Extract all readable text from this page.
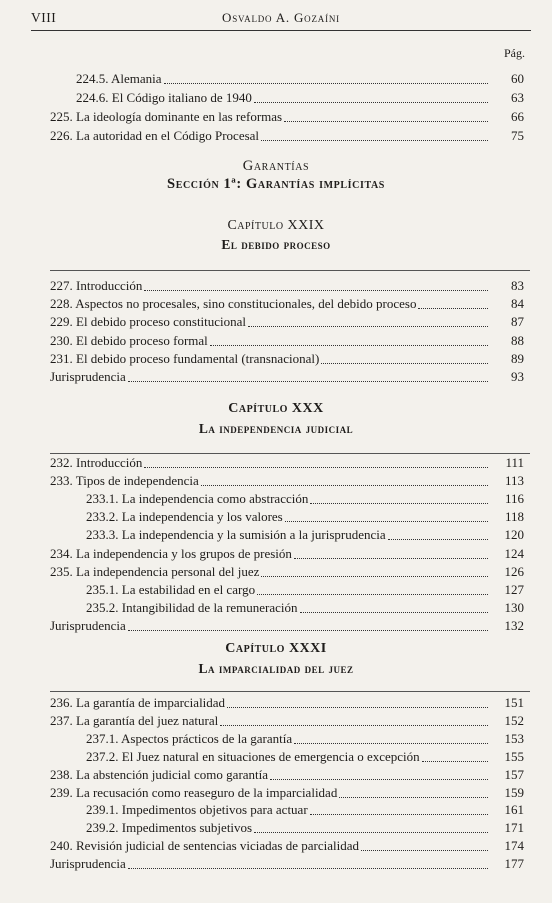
VIII	Osvaldo A. Gozaíni
Pág.
Garantías
Sección 1ª: Garantías implícitas
Capítulo XXIX
El debido proceso
Capítulo XXX
La independencia judicial
Capítulo XXXI
La imparcialidad del juez
224.5. Alemania	60
224.6. El Código italiano de 1940	63
225. La ideología dominante en las reformas	66
226. La autoridad en el Código Procesal	75
227. Introducción	83
228. Aspectos no procesales, sino constitucionales, del debido proceso	84
229. El debido proceso constitucional	87
230. El debido proceso formal	88
231. El debido proceso fundamental (transnacional)	89
Jurisprudencia	93
232. Introducción	111
233. Tipos de independencia	113
233.1. La independencia como abstracción	116
233.2. La independencia y los valores	118
233.3. La independencia y la sumisión a la jurisprudencia	120
234. La independencia y los grupos de presión	124
235. La independencia personal del juez	126
235.1. La estabilidad en el cargo	127
235.2. Intangibilidad de la remuneración	130
Jurisprudencia	132
236. La garantía de imparcialidad	151
237. La garantía del juez natural	152
237.1. Aspectos prácticos de la garantía	153
237.2. El Juez natural en situaciones de emergencia o excepción	155
238. La abstención judicial como garantía	157
239. La recusación como reaseguro de la imparcialidad	159
239.1. Impedimentos objetivos para actuar	161
239.2. Impedimentos subjetivos	171
240. Revisión judicial de sentencias viciadas de parcialidad	174
Jurisprudencia	177
